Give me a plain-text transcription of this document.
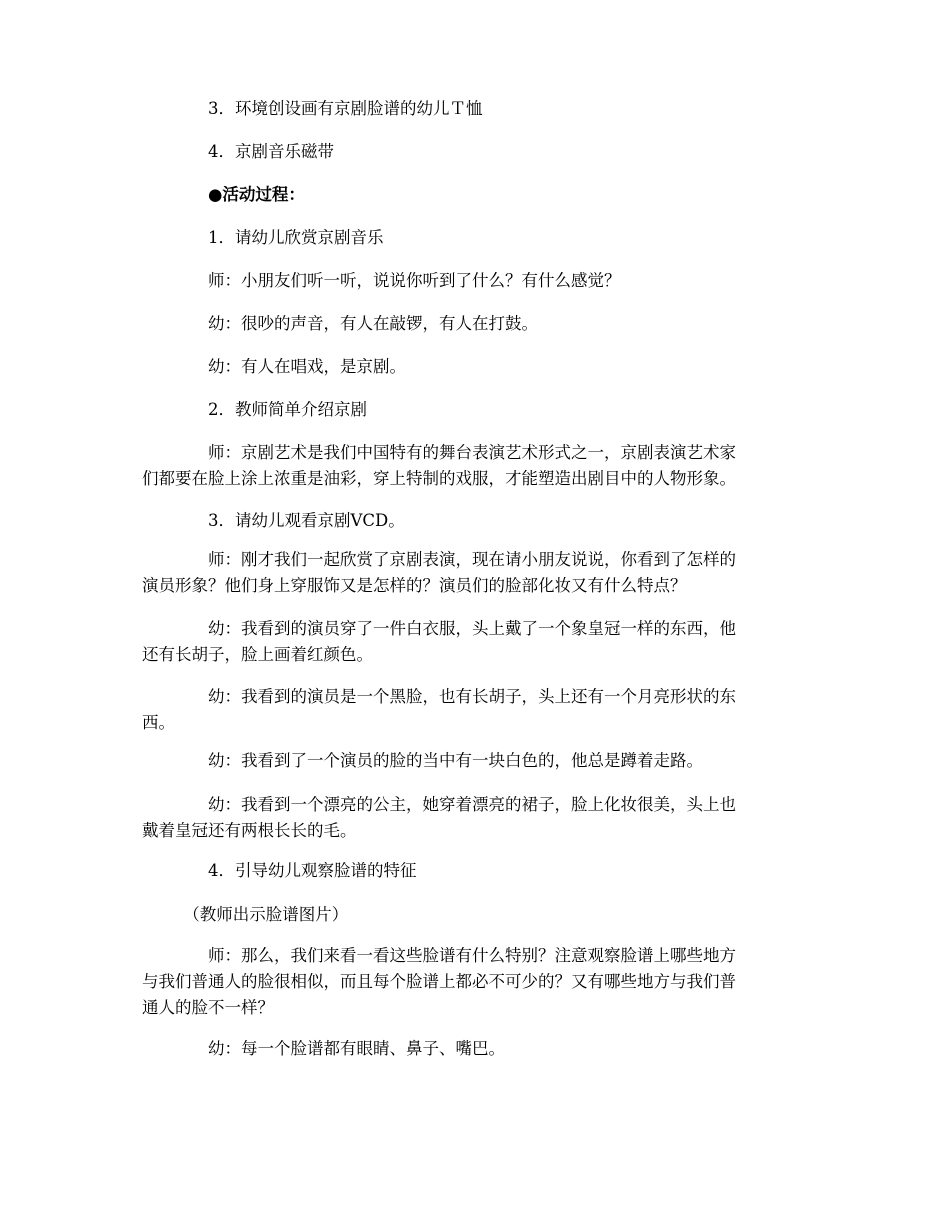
　　　　3．环境创设画有京剧脸谱的幼儿Ｔ恤

　　　　4．京剧音乐磁带

　　　　●活动过程：

　　　　1．请幼儿欣赏京剧音乐

　　　　师：小朋友们听一听，说说你听到了什么？有什么感觉？

　　　　幼：很吵的声音，有人在敲锣，有人在打鼓。

　　　　幼：有人在唱戏，是京剧。

　　　　2．教师简单介绍京剧

　　　　师：京剧艺术是我们中国特有的舞台表演艺术形式之一，京剧表演艺术家
们都要在脸上涂上浓重是油彩，穿上特制的戏服，才能塑造出剧目中的人物形象。

　　　　3．请幼儿观看京剧VCD。

　　　　师：刚才我们一起欣赏了京剧表演，现在请小朋友说说，你看到了怎样的
演员形象？他们身上穿服饰又是怎样的？演员们的脸部化妆又有什么特点？

　　　　幼：我看到的演员穿了一件白衣服，头上戴了一个象皇冠一样的东西，他
还有长胡子，脸上画着红颜色。

　　　　幼：我看到的演员是一个黑脸，也有长胡子，头上还有一个月亮形状的东
西。

　　　　幼：我看到了一个演员的脸的当中有一块白色的，他总是蹲着走路。

　　　　幼：我看到一个漂亮的公主，她穿着漂亮的裙子，脸上化妆很美，头上也
戴着皇冠还有两根长长的毛。

　　　　4．引导幼儿观察脸谱的特征

　　　（教师出示脸谱图片）

　　　　师：那么，我们来看一看这些脸谱有什么特别？注意观察脸谱上哪些地方
与我们普通人的脸很相似，而且每个脸谱上都必不可少的？又有哪些地方与我们普
通人的脸不一样？

　　　　幼：每一个脸谱都有眼睛、鼻子、嘴巴。
